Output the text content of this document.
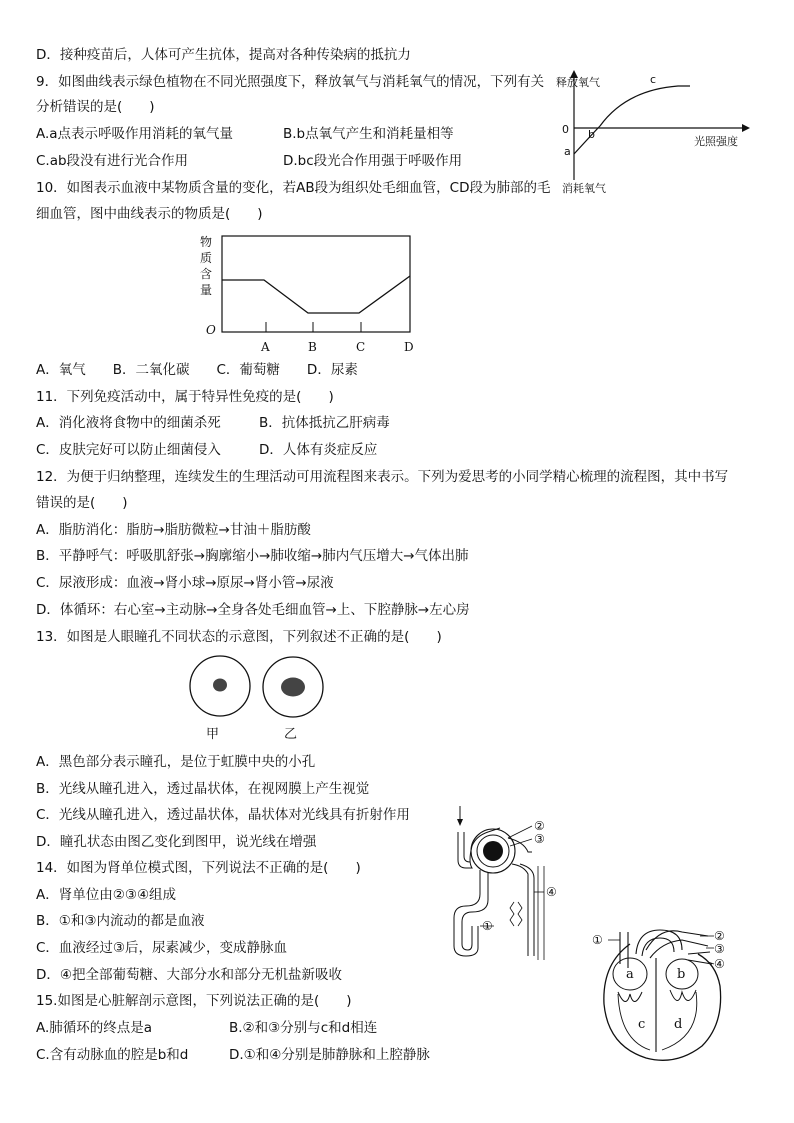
D．接种疫苗后，人体可产生抗体，提高对各种传染病的抵抗力
9．如图曲线表示绿色植物在不同光照强度下，释放氧气与消耗氧气的情况，下列有关
分析错误的是(　　)
A.a点表示呼吸作用消耗的氧气量	B.b点氧气产生和消耗量相等
C.ab段没有进行光合作用	D.bc段光合作用强于呼吸作用
释放氧气
0
a
b
c
光照强度
消耗氧气
10．如图表示血液中某物质含量的变化，若AB段为组织处毛细血管，CD段为肺部的毛
细血管，图中曲线表示的物质是(　　)
物
质
含
量
O
A	B	C	D
A．氧气　　B．二氧化碳　　C．葡萄糖　　D．尿素
11．下列免疫活动中，属于特异性免疫的是(　　)
A．消化液将食物中的细菌杀死	B．抗体抵抗乙肝病毒
C．皮肤完好可以防止细菌侵入	D．人体有炎症反应
12．为便于归纳整理，连续发生的生理活动可用流程图来表示。下列为爱思考的小同学精心梳理的流程图，其中书写
错误的是(　　)
A．脂肪消化：脂肪→脂肪微粒→甘油＋脂肪酸
B．平静呼气：呼吸肌舒张→胸廓缩小→肺收缩→肺内气压增大→气体出肺
C．尿液形成：血液→肾小球→原尿→肾小管→尿液
D．体循环：右心室→主动脉→全身各处毛细血管→上、下腔静脉→左心房
13．如图是人眼瞳孔不同状态的示意图，下列叙述不正确的是(　　)
甲	乙
A．黑色部分表示瞳孔，是位于虹膜中央的小孔
B．光线从瞳孔进入，透过晶状体，在视网膜上产生视觉
C．光线从瞳孔进入，透过晶状体，晶状体对光线具有折射作用
D．瞳孔状态由图乙变化到图甲，说光线在增强
②
③
④
①
14．如图为肾单位模式图，下列说法不正确的是(　　)
A．肾单位由②③④组成
B．①和③内流动的都是血液
C．血液经过③后，尿素减少，变成静脉血
D．④把全部葡萄糖、大部分水和部分无机盐新吸收
①	②
③
④
a	b
c d
15.如图是心脏解剖示意图，下列说法正确的是(　　)
A.肺循环的终点是a	B.②和③分别与c和d相连
C.含有动脉血的腔是b和d	D.①和④分别是肺静脉和上腔静脉
